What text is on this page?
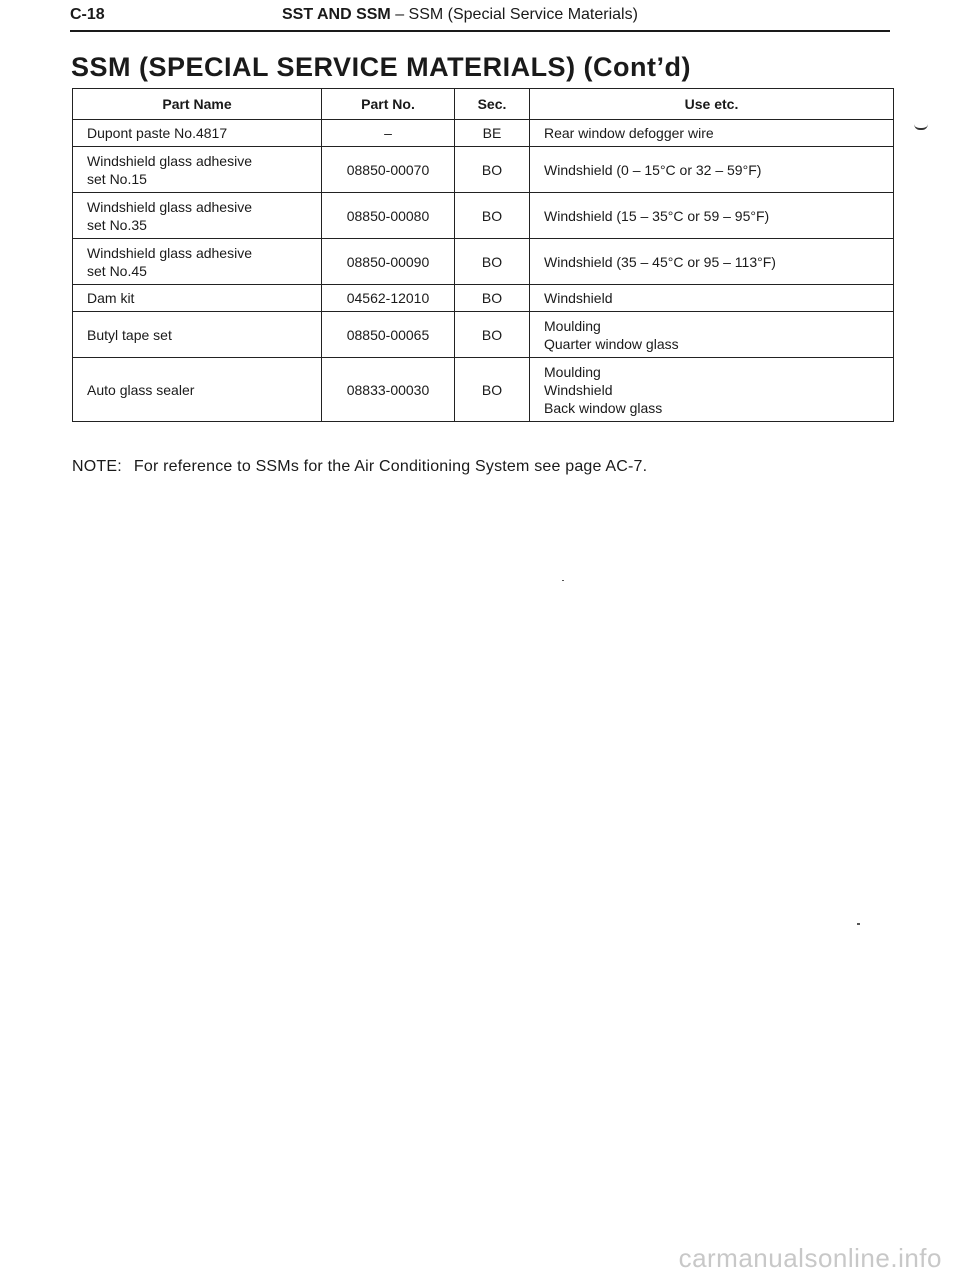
C-18	SST AND SSM – SSM (Special Service Materials)
SSM (SPECIAL SERVICE MATERIALS) (Cont’d)
Part Name	Part No.	Sec.	Use etc.
Dupont paste No.4817	–	BE	Rear window defogger wire

Windshield glass adhesive
set No.15	08850-00070	BO	Windshield (0 – 15°C or 32 – 59°F)

Windshield glass adhesive
set No.35	08850-00080	BO	Windshield (15 – 35°C or 59 – 95°F)

Windshield glass adhesive
set No.45	08850-00090	BO	Windshield (35 – 45°C or 95 – 113°F)
Dam kit	04562-12010	BO	Windshield
Butyl tape set	08850-00065	BO	Moulding
Quarter window glass

Auto glass sealer	08833-00030	BO	Moulding
Windshield
Back window glass
NOTE: For reference to SSMs for the Air Conditioning System see page AC-7.
carmanualsonline.info
